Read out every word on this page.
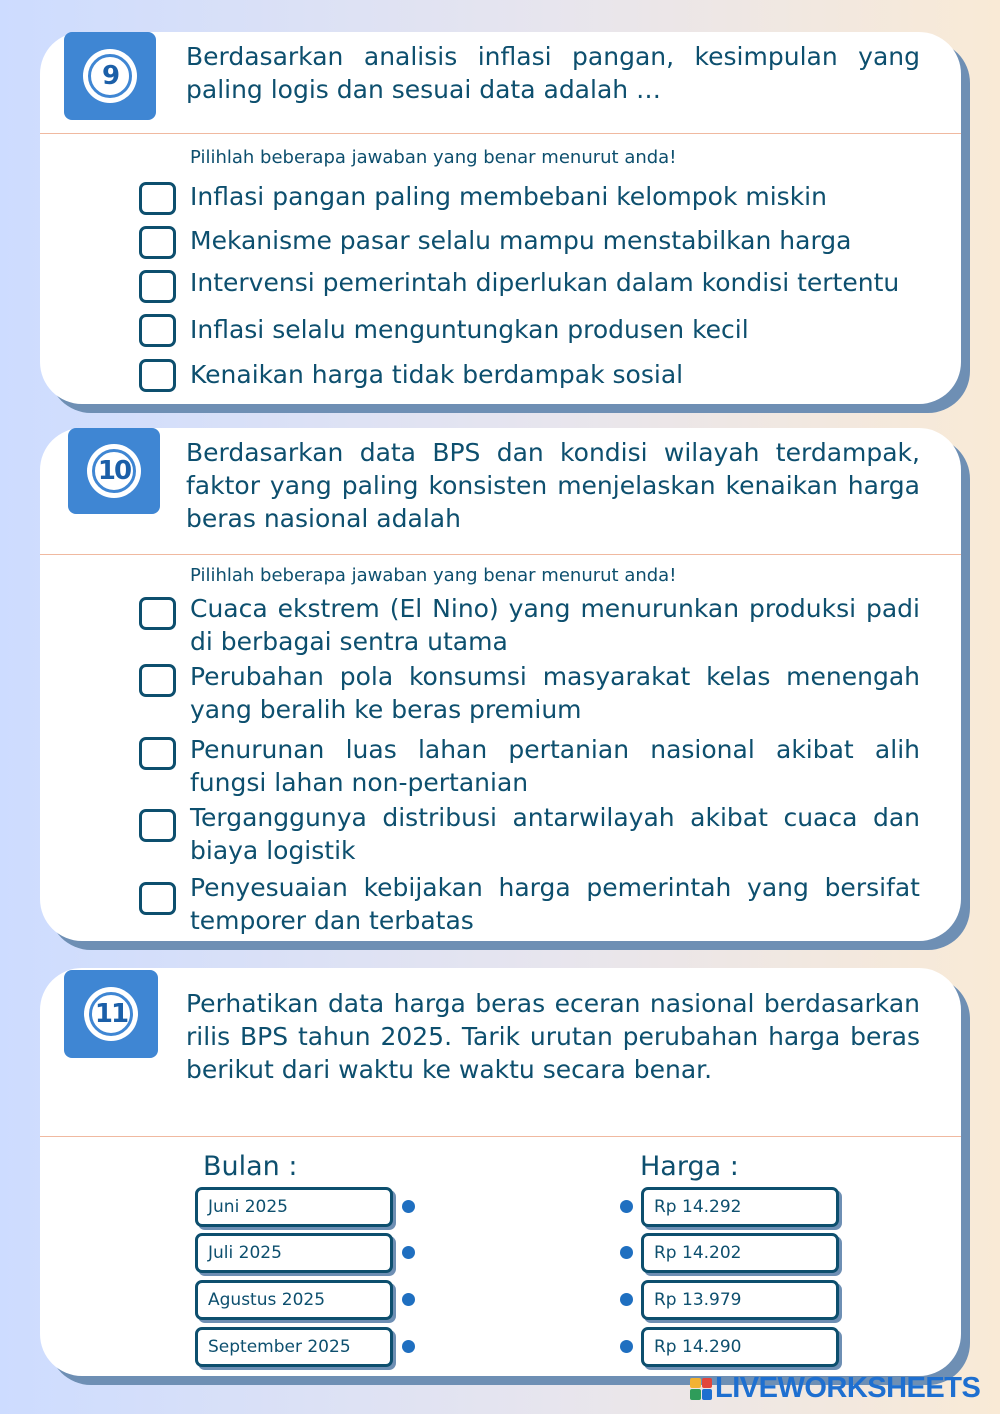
9
Berdasarkan analisis inflasi pangan, kesimpulan yang paling logis dan sesuai data adalah …
Pilihlah beberapa jawaban yang benar menurut anda!
Inflasi pangan paling membebani kelompok miskin
Mekanisme pasar selalu mampu menstabilkan harga
Intervensi pemerintah diperlukan dalam kondisi tertentu
Inflasi selalu menguntungkan produsen kecil
Kenaikan harga tidak berdampak sosial
10
Berdasarkan data BPS dan kondisi wilayah terdampak, faktor yang paling konsisten menjelaskan kenaikan harga beras nasional adalah
Pilihlah beberapa jawaban yang benar menurut anda!
Cuaca ekstrem (El Nino) yang menurunkan produksi padi di berbagai sentra utama
Perubahan pola konsumsi masyarakat kelas menengah yang beralih ke beras premium
Penurunan luas lahan pertanian nasional akibat alih fungsi lahan non-pertanian
Terganggunya distribusi antarwilayah akibat cuaca dan biaya logistik
Penyesuaian kebijakan harga pemerintah yang bersifat temporer dan terbatas
11 Perhatikan data harga beras eceran nasional berdasarkan rilis BPS tahun 2025. Tarik urutan perubahan harga beras berikut dari waktu ke waktu secara benar.
Bulan :	Harga :
Juni 2025
Juli 2025
Agustus 2025
September 2025
Rp 14.292
Rp 14.202
Rp 13.979
Rp 14.290
LIVEWORKSHEETS
